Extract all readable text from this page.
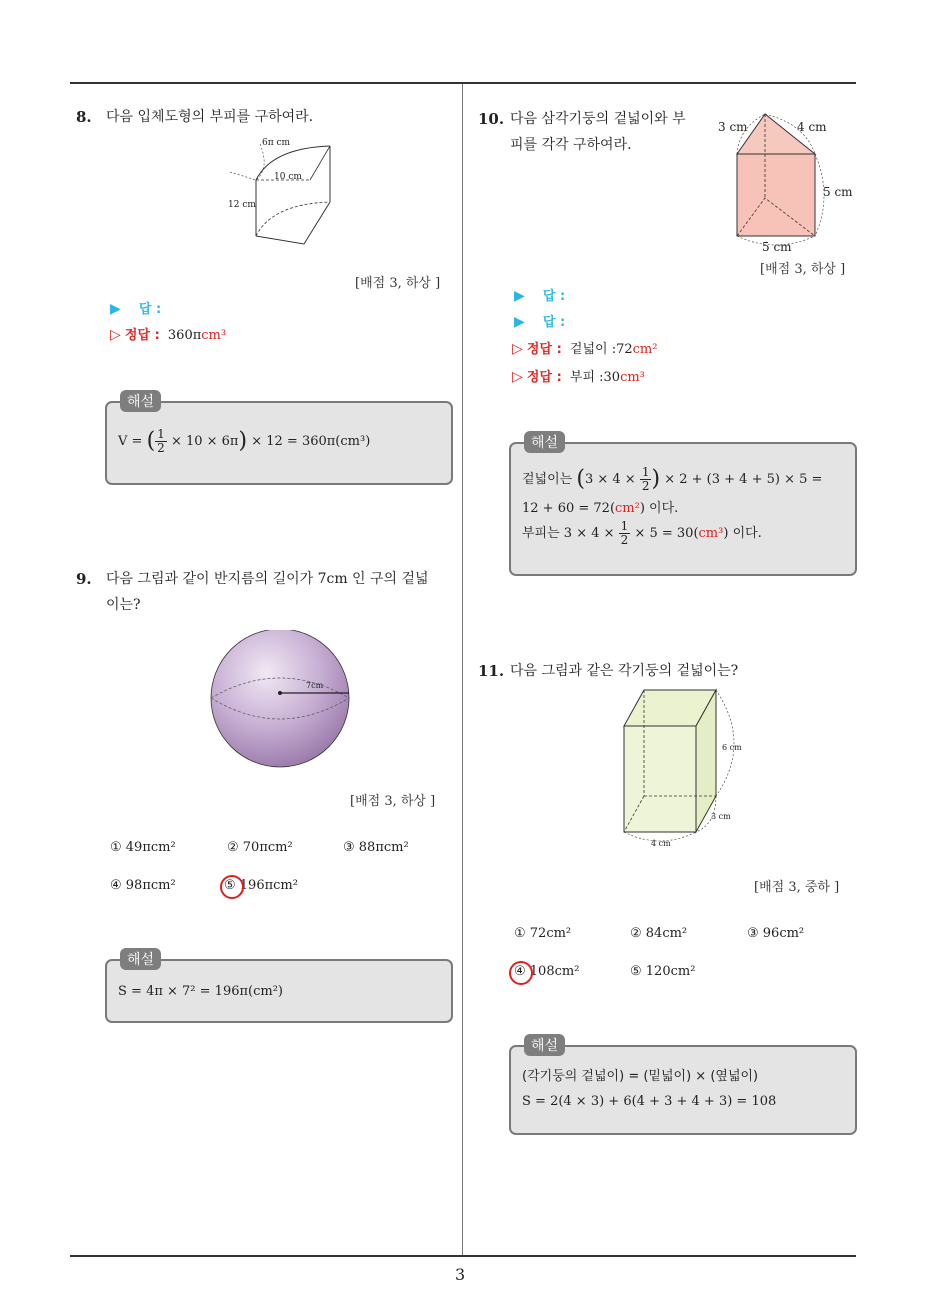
3
8. 다음 입체도형의 부피를 구하여라.
6π cm
10 cm
12 cm
[배점 3, 하상 ]
▶ 답 :
▷ 정답 : 360πcm³
해설
V = ( $\frac{1}{2} \times 10 \times 6\pi) \times 12 = 360\pi(cm^3)$
9. 다음 그림과 같이 반지름의 길이가 7cm 인 구의 겉넓
이는?
7cm
[배점 3, 하상 ]
① 49πcm²	② 70πcm²	③ 88πcm²
④ 98πcm²	⑤ 196πcm²
해설
S = 4π × 7² = 196π(cm²)
10. 다음 삼각기둥의 겉넓이와 부
피를 각각 구하여라.
3 cm	4 cm
5 cm
5 cm
[배점 3, 하상 ]
▶ 답 :
▶ 답 :
▷ 정답 : 겉넓이 :72cm²
▷ 정답 : 부피 :30cm³
해설
겉넓이는 ($3 \times 4 \times \frac{1}{2}$ ) × 2 + (3 + 4 + 5) × 5 =
12 + 60 = 72(cm²) 이다.
부피는 $3 \times 4 \times \frac{1}{2} \times 5 = 30(cm^3)$ 이다.
11. 다음 그림과 같은 각기둥의 겉넓이는?
6 cm
3 cm
4 cm
[배점 3, 중하 ]
① 72cm²	② 84cm²	③ 96cm²
④ 108cm²	⑤ 120cm²
해설
(각기둥의 겉넓이) = (밑넓이) × (옆넓이)
S = 2(4 × 3) + 6(4 + 3 + 4 + 3) = 108
